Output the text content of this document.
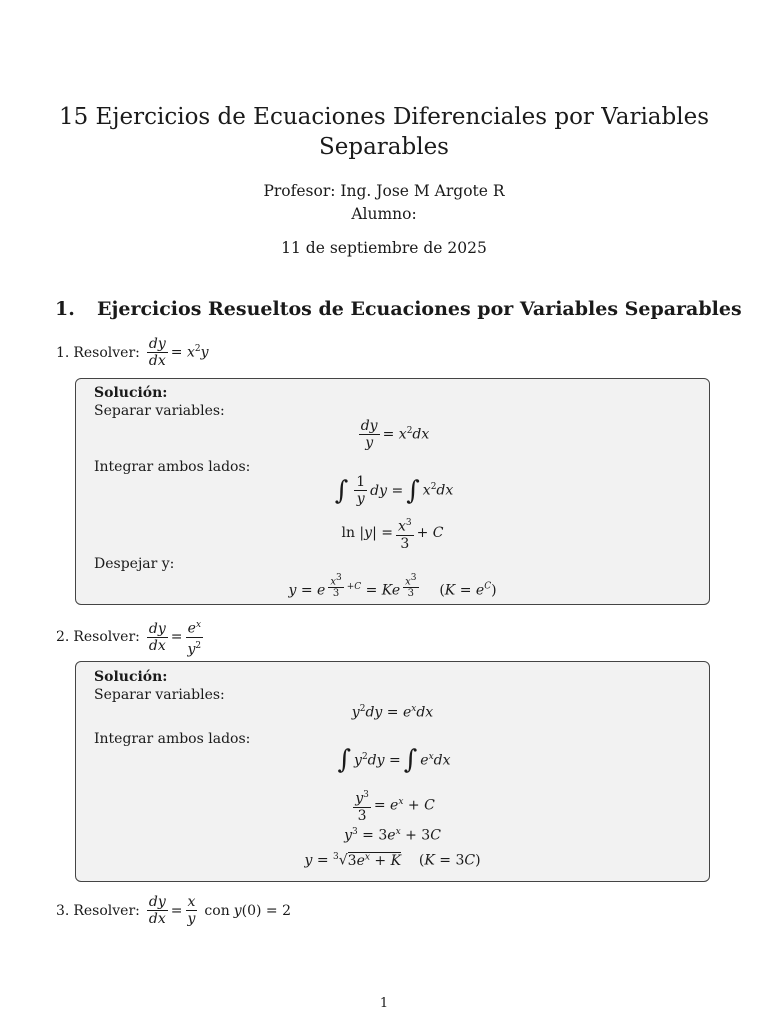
15 Ejercicios de Ecuaciones Diferenciales por Variables
Separables
Profesor: Ing. Jose M Argote R
Alumno:
11 de septiembre de 2025
1. Ejercicios Resueltos de Ecuaciones por Variables Separables
1. Resolver: $\frac{dy}{dx} = x^2y$
Solución:
Separar variables:
$\frac{dy}{y} = x^2dx$
Integrar ambos lados:
∫ $\frac{1}{y}$ dy = ∫ $x^2dx$
$\ln |y| = \frac{x^3}{3} + C$
Despejar y:
y = e $^{\frac{x^3}{3} +C}$ = Ke $^{\frac{x^3}{3}}$ $(K = e^C)$
2. Resolver: $\frac{dy}{dx} = \frac{e^x}{y^2}$
Solución:
Separar variables:
$y^2dy = e^xdx$
Integrar ambos lados:
∫ $y^2dy$ = ∫ $e^xdx$
$\frac{y^3}{3} = e^x + C$
$y^3 = 3e^x + 3C$
$y = ^3√3e^x + K$    (K = 3C)
3. Resolver: $\frac{dy}{dx} = \frac{x}{y}$ con y(0) = 2
1
